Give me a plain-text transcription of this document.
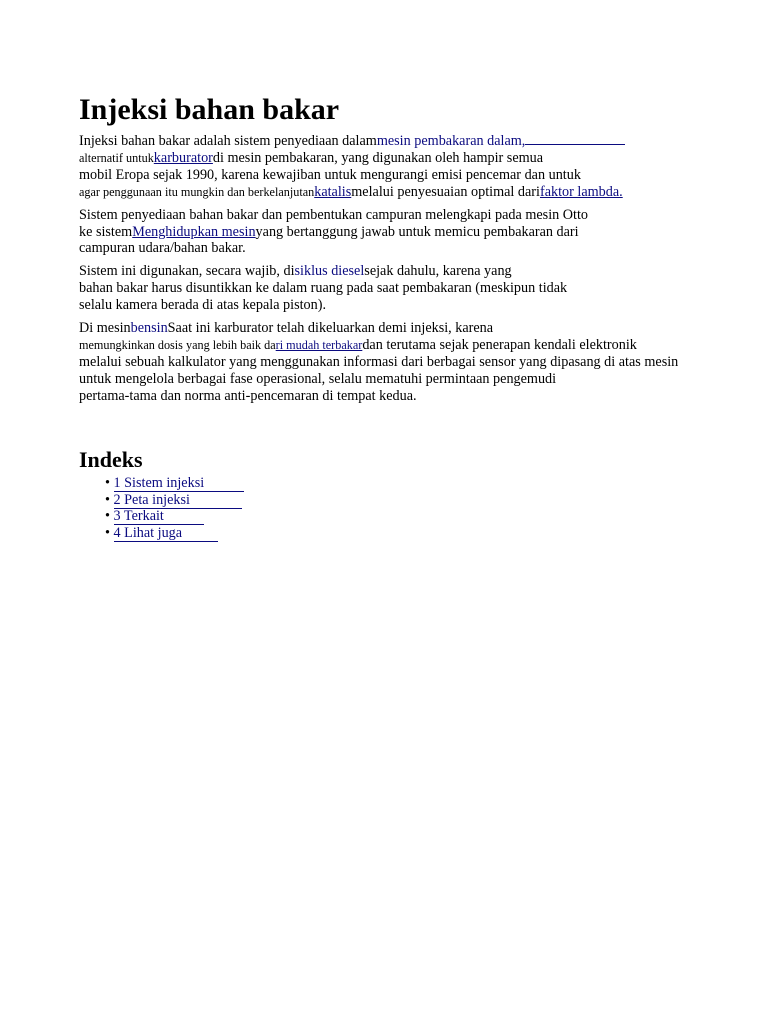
Injeksi bahan bakar

Injeksi bahan bakar adalah sistem penyediaan dalammesin pembakaran dalam,
alternatif untukkarburatordi mesin pembakaran, yang digunakan oleh hampir semua
mobil Eropa sejak 1990, karena kewajiban untuk mengurangi emisi pencemar dan untuk
agar penggunaan itu mungkin dan berkelanjutankatalismelalui penyesuaian optimal darifaktor lambda.

Sistem penyediaan bahan bakar dan pembentukan campuran melengkapi pada mesin Otto
ke sistemMenghidupkan mesinyang bertanggung jawab untuk memicu pembakaran dari
campuran udara/bahan bakar.

Sistem ini digunakan, secara wajib, disiklus dieselsejak dahulu, karena yang
bahan bakar harus disuntikkan ke dalam ruang pada saat pembakaran (meskipun tidak
selalu kamera berada di atas kepala piston).

Di mesinbensinSaat ini karburator telah dikeluarkan demi injeksi, karena
memungkinkan dosis yang lebih baik dari mudah terbakardan terutama sejak penerapan kendali elektronik
melalui sebuah kalkulator yang menggunakan informasi dari berbagai sensor yang dipasang di atas mesin
untuk mengelola berbagai fase operasional, selalu mematuhi permintaan pengemudi
pertama-tama dan norma anti-pencemaran di tempat kedua.

Indeks
• 1 Sistem injeksi
• 2 Peta injeksi
• 3 Terkait
• 4 Lihat juga
